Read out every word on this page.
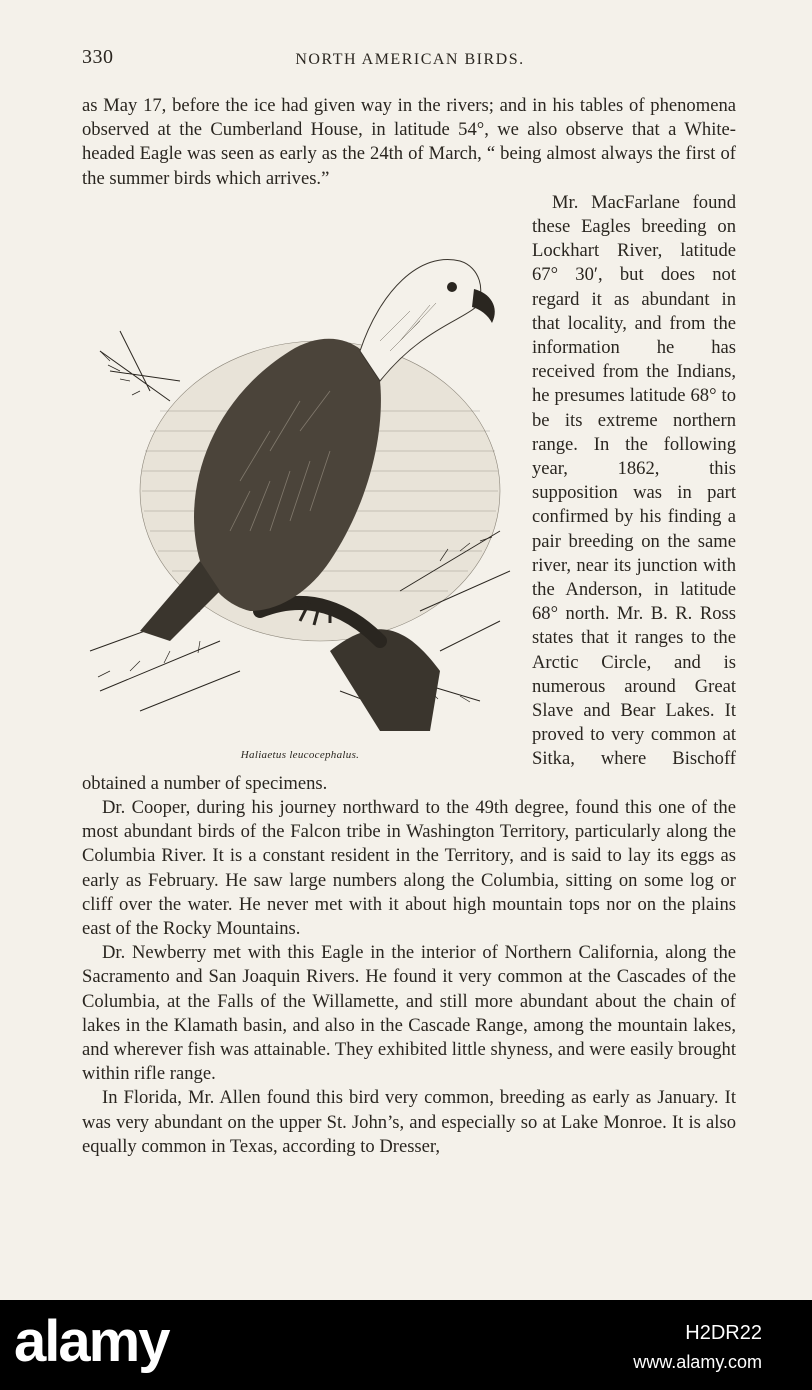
330	NORTH AMERICAN BIRDS.

as May 17, before the ice had given way in the rivers; and in his tables of phenomena observed at the Cumberland House, in latitude 54°, we also observe that a White-headed Eagle was seen as early as the 24th of March, “ being almost always the first of the summer birds which arrives.”

Haliaetus leucocephalus.

Mr. MacFarlane found these Eagles breeding on Lockhart River, latitude 67° 30′, but does not regard it as abundant in that locality, and from the information he has received from the Indians, he presumes latitude 68° to be its extreme northern range. In the following year, 1862, this supposition was in part confirmed by his finding a pair breeding on the same river, near its junction with the Anderson, in latitude 68° north. Mr. B. R. Ross states that it ranges to the Arctic Circle, and is numerous around Great Slave and Bear Lakes. It proved to very common at Sitka, where Bischoff obtained a number of specimens.

Dr. Cooper, during his journey northward to the 49th degree, found this one of the most abundant birds of the Falcon tribe in Washington Territory, particularly along the Columbia River. It is a constant resident in the Territory, and is said to lay its eggs as early as February. He saw large numbers along the Columbia, sitting on some log or cliff over the water. He never met with it about high mountain tops nor on the plains east of the Rocky Mountains.

Dr. Newberry met with this Eagle in the interior of Northern California, along the Sacramento and San Joaquin Rivers. He found it very common at the Cascades of the Columbia, at the Falls of the Willamette, and still more abundant about the chain of lakes in the Klamath basin, and also in the Cascade Range, among the mountain lakes, and wherever fish was attainable. They exhibited little shyness, and were easily brought within rifle range.

In Florida, Mr. Allen found this bird very common, breeding as early as January. It was very abundant on the upper St. John’s, and especially so at Lake Monroe. It is also equally common in Texas, according to Dresser,

alamy	H2DR22
www.alamy.com
